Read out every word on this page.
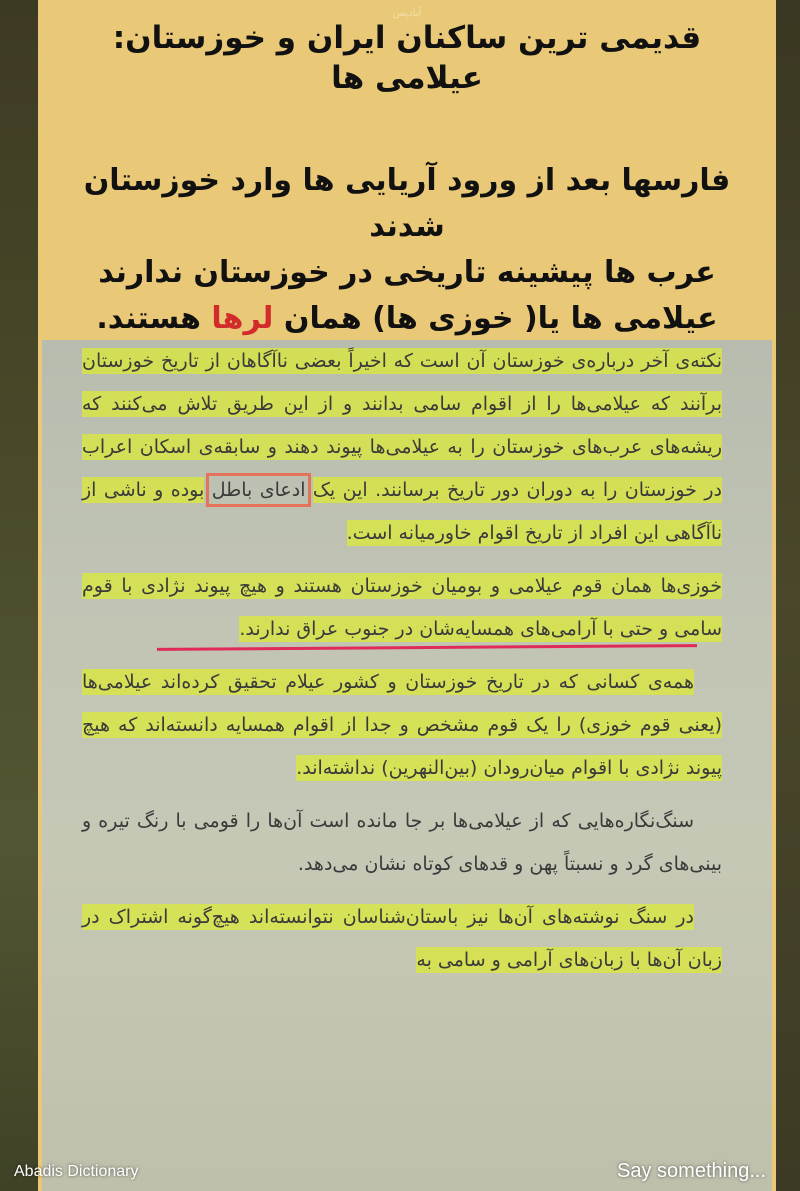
آبادیس
قدیمی ترین ساکنان ایران و خوزستان:
عیلامی ها

فارسها بعد از ورود آریایی ها وارد خوزستان شدند

عرب ها پیشینه تاریخی در خوزستان ندارند

عیلامی ها یا( خوزی ها) همان لرها هستند.

نکته‌ی آخر درباره‌ی خوزستان آن است که اخیراً بعضی ناآگاهان از تاریخ خوزستان برآنند که عیلامی‌ها را از اقوام سامی بدانند و از این طریق تلاش می‌کنند که ریشه‌های عرب‌های خوزستان را به عیلامی‌ها پیوند دهند و سابقه‌ی اسکان اعراب در خوزستان را به دوران دور تاریخ برسانند. این یک ادعای باطل بوده و ناشی از ناآگاهی این افراد از تاریخ اقوام خاورمیانه است.

خوزی‌ها همان قوم عیلامی و بومیان خوزستان هستند و هیچ پیوند نژادی با قوم سامی و حتی با آرامی‌های همسایه‌شان در جنوب عراق ندارند.

همه‌ی کسانی که در تاریخ خوزستان و کشور عیلام تحقیق کرده‌اند عیلامی‌ها (یعنی قوم خوزی) را یک قوم مشخص و جدا از اقوام همسایه دانسته‌اند که هیچ پیوند نژادی با اقوام میان‌رودان (بین‌النهرین) نداشته‌اند.

سنگ‌نگاره‌هایی که از عیلامی‌ها بر جا مانده است آن‌ها را قومی با رنگ تیره و بینی‌های گرد و نسبتاً پهن و قدهای کوتاه نشان می‌دهد.

در سنگ نوشته‌های آن‌ها نیز باستان‌شناسان نتوانسته‌اند هیچ‌گونه اشتراک در زبان آن‌ها با زبان‌های آرامی و سامی به

Abadis Dictionary	Say something...
